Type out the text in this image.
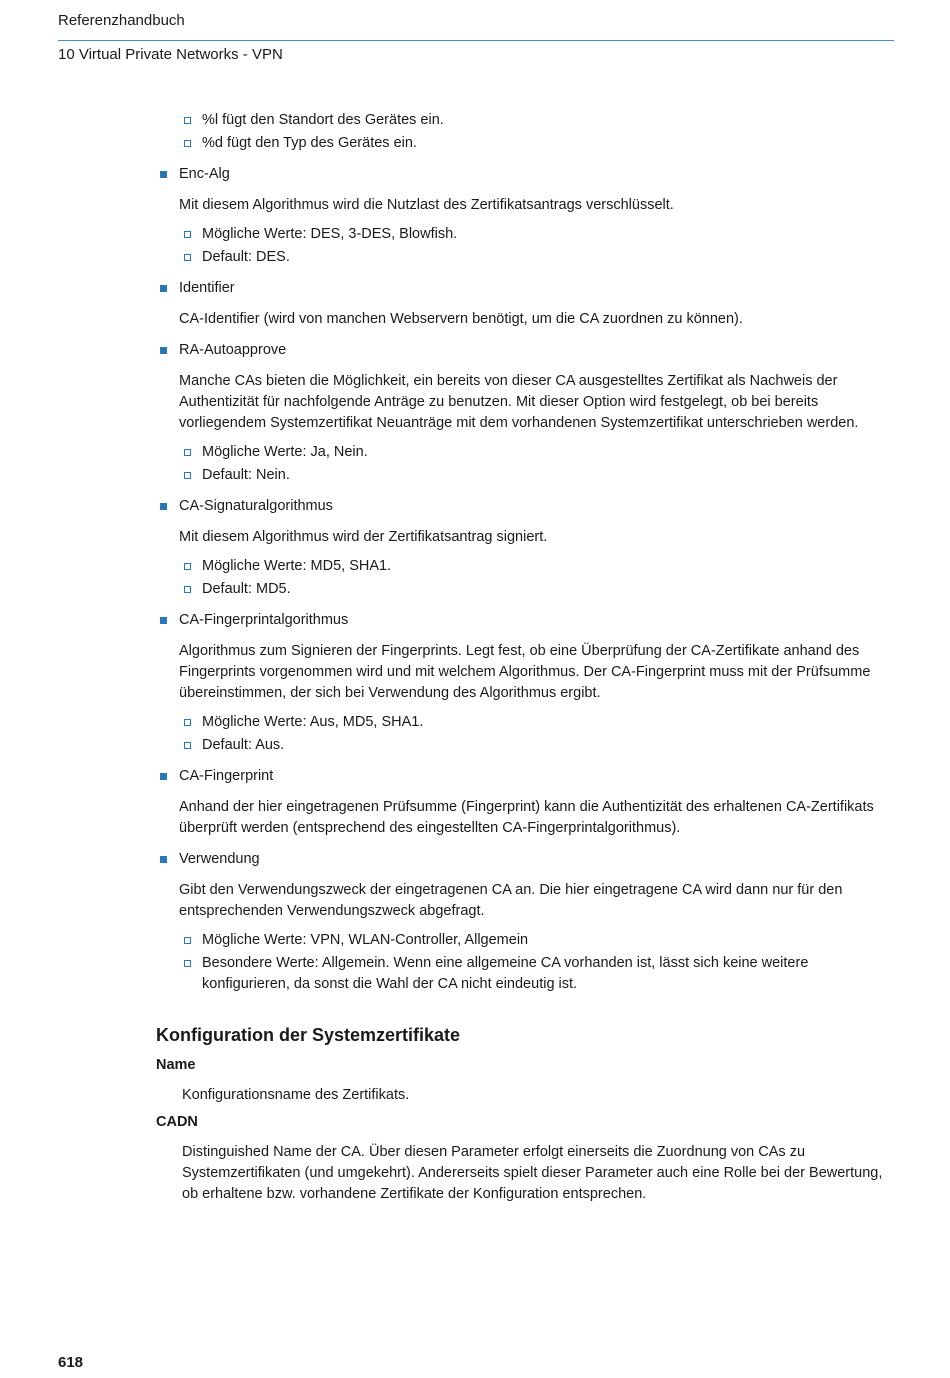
Referenzhandbuch
10 Virtual Private Networks - VPN
%l fügt den Standort des Gerätes ein.
%d fügt den Typ des Gerätes ein.
Enc-Alg
Mit diesem Algorithmus wird die Nutzlast des Zertifikatsantrags verschlüsselt.
Mögliche Werte: DES, 3-DES, Blowfish.
Default: DES.
Identifier
CA-Identifier (wird von manchen Webservern benötigt, um die CA zuordnen zu können).
RA-Autoapprove
Manche CAs bieten die Möglichkeit, ein bereits von dieser CA ausgestelltes Zertifikat als Nachweis der Authentizität für nachfolgende Anträge zu benutzen. Mit dieser Option wird festgelegt, ob bei bereits vorliegendem Systemzertifikat Neuanträge mit dem vorhandenen Systemzertifikat unterschrieben werden.
Mögliche Werte: Ja, Nein.
Default: Nein.
CA-Signaturalgorithmus
Mit diesem Algorithmus wird der Zertifikatsantrag signiert.
Mögliche Werte: MD5, SHA1.
Default: MD5.
CA-Fingerprintalgorithmus
Algorithmus zum Signieren der Fingerprints. Legt fest, ob eine Überprüfung der CA-Zertifikate anhand des Fingerprints vorgenommen wird und mit welchem Algorithmus. Der CA-Fingerprint muss mit der Prüfsumme übereinstimmen, der sich bei Verwendung des Algorithmus ergibt.
Mögliche Werte: Aus, MD5, SHA1.
Default: Aus.
CA-Fingerprint
Anhand der hier eingetragenen Prüfsumme (Fingerprint) kann die Authentizität des erhaltenen CA-Zertifikats überprüft werden (entsprechend des eingestellten CA-Fingerprintalgorithmus).
Verwendung
Gibt den Verwendungszweck der eingetragenen CA an. Die hier eingetragene CA wird dann nur für den entsprechenden Verwendungszweck abgefragt.
Mögliche Werte: VPN, WLAN-Controller, Allgemein
Besondere Werte: Allgemein. Wenn eine allgemeine CA vorhanden ist, lässt sich keine weitere konfigurieren, da sonst die Wahl der CA nicht eindeutig ist.
Konfiguration der Systemzertifikate
Name
Konfigurationsname des Zertifikats.
CADN
Distinguished Name der CA. Über diesen Parameter erfolgt einerseits die Zuordnung von CAs zu Systemzertifikaten (und umgekehrt). Andererseits spielt dieser Parameter auch eine Rolle bei der Bewertung, ob erhaltene bzw. vorhandene Zertifikate der Konfiguration entsprechen.
618
